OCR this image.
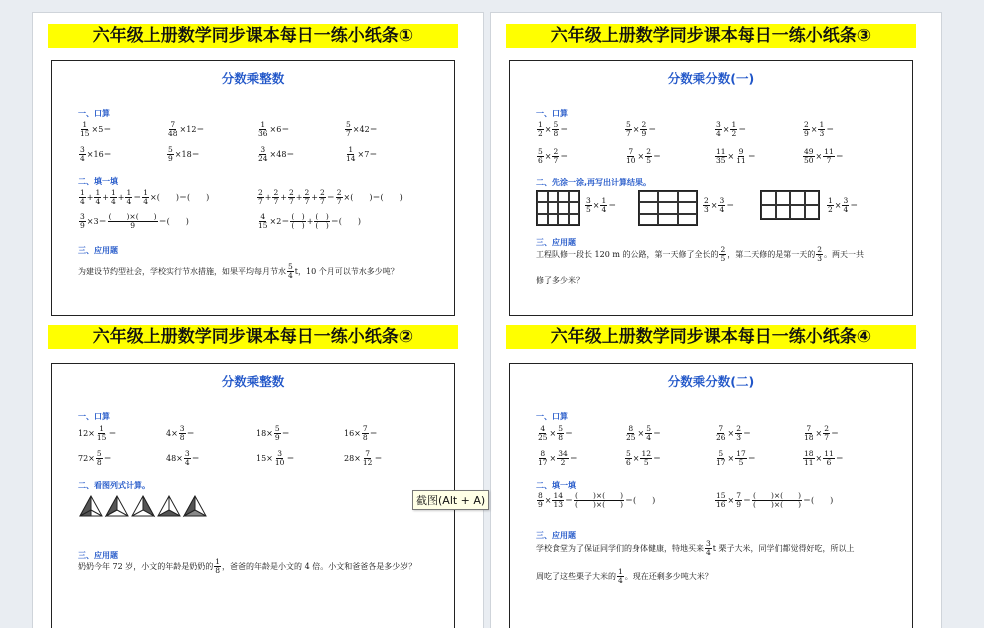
六年级上册数学同步课本每日一练小纸条①
分数乘整数
一、口算
$\frac{1}{15} \times 5=$	$\frac{7}{48} \times 12=$	$\frac{1}{36} \times 6=$	$\frac{5}{7} \times 42=$
$\frac{3}{4} \times 16=$	$\frac{5}{9} \times 18=$	$\frac{3}{24} \times 48=$	$\frac{1}{14} \times 7=$
二、填一填
$\frac{1}{4} + \frac{1}{4} + \frac{1}{4} + \frac{1}{4} = \frac{1}{4}$ ×(　　)＝(　　)	$\frac{2}{7} + \frac{2}{7} + \frac{2}{7} + \frac{2}{7} + \frac{2}{7} = \frac{2}{7}$ ×(　　)＝(　　)
$\frac{3}{9} \times 3= \frac{( )\times( )}{9}$ ＝(　　)	$\frac{4}{15} \times 2= \frac{( )}{( )} + \frac{( )}{( )}$ ＝(　　)
三、应用题
为建设节约型社会，学校实行节水措施，如果平均每月节水 $\frac{5}{4}$ t，10 个月可以节水多少吨？
六年级上册数学同步课本每日一练小纸条②
分数乘整数
一、口算
$12\times \frac{1}{15}$ ＝	$4\times \frac{3}{8}$ ＝	$18\times \frac{5}{9}$ ＝	$16\times \frac{7}{8}$ ＝
$72\times \frac{5}{8}$ ＝	$48\times \frac{3}{4}$ ＝	$15\times \frac{3}{10}$ ＝	$28\times \frac{7}{12}$ ＝
二、看图列式计算。
三、应用题
奶奶今年 72 岁，小文的年龄是奶奶的 $\frac{1}{8}$ ，爸爸的年龄是小文的 4 倍。小文和爸爸各是多少岁？
六年级上册数学同步课本每日一练小纸条③
分数乘分数(一)
一、口算
$\frac{1}{2} \times \frac{5}{8}$ ＝	$\frac{5}{7} \times \frac{2}{9}$ ＝	$\frac{3}{4} \times \frac{1}{2}$ ＝	$\frac{2}{9} \times \frac{1}{3}$ ＝
$\frac{5}{6} \times \frac{2}{7}$ ＝	$\frac{7}{10} \times \frac{2}{5}$ ＝	$\frac{11}{35} \times \frac{9}{11}$ ＝	$\frac{49}{50} \times \frac{11}{7}$ ＝
二、先涂一涂,再写出计算结果。
$\frac{3}{5} \times \frac{1}{4}$ ＝	$\frac{2}{3} \times \frac{3}{4}$ ＝	$\frac{1}{2} \times \frac{3}{4}$ ＝
三、应用题
工程队修一段长 120 m 的公路，第一天修了全长的 $\frac{2}{5}$ ，第二天修的是第一天的 $\frac{2}{3}$ 。两天一共
修了多少米？
六年级上册数学同步课本每日一练小纸条④
分数乘分数(二)
一、口算
$\frac{4}{25} \times \frac{5}{8}$ ＝	$\frac{8}{25} \times \frac{5}{4}$ ＝	$\frac{7}{26} \times \frac{2}{3}$ ＝	$\frac{7}{18} \times \frac{2}{7}$ ＝
$\frac{8}{17} \times \frac{34}{2}$ ＝	$\frac{5}{6} \times \frac{12}{5}$ ＝	$\frac{5}{17} \times \frac{17}{5}$ ＝	$\frac{18}{11} \times \frac{11}{6}$ ＝
二、填一填
$\frac{8}{9} \times \frac{14}{13} = \frac{( )\times( )}{( )\times( )}$ ＝(　　)	$\frac{15}{16} \times \frac{7}{9} = \frac{( )\times( )}{( )\times( )}$ ＝(　　)
三、应用题
学校食堂为了保证同学们的身体健康，特地买来 $\frac{3}{4}$ t 栗子大米，同学们都觉得好吃，所以上
周吃了这些栗子大米的 $\frac{1}{4}$ 。现在还剩多少吨大米？
截图(Alt + A)
